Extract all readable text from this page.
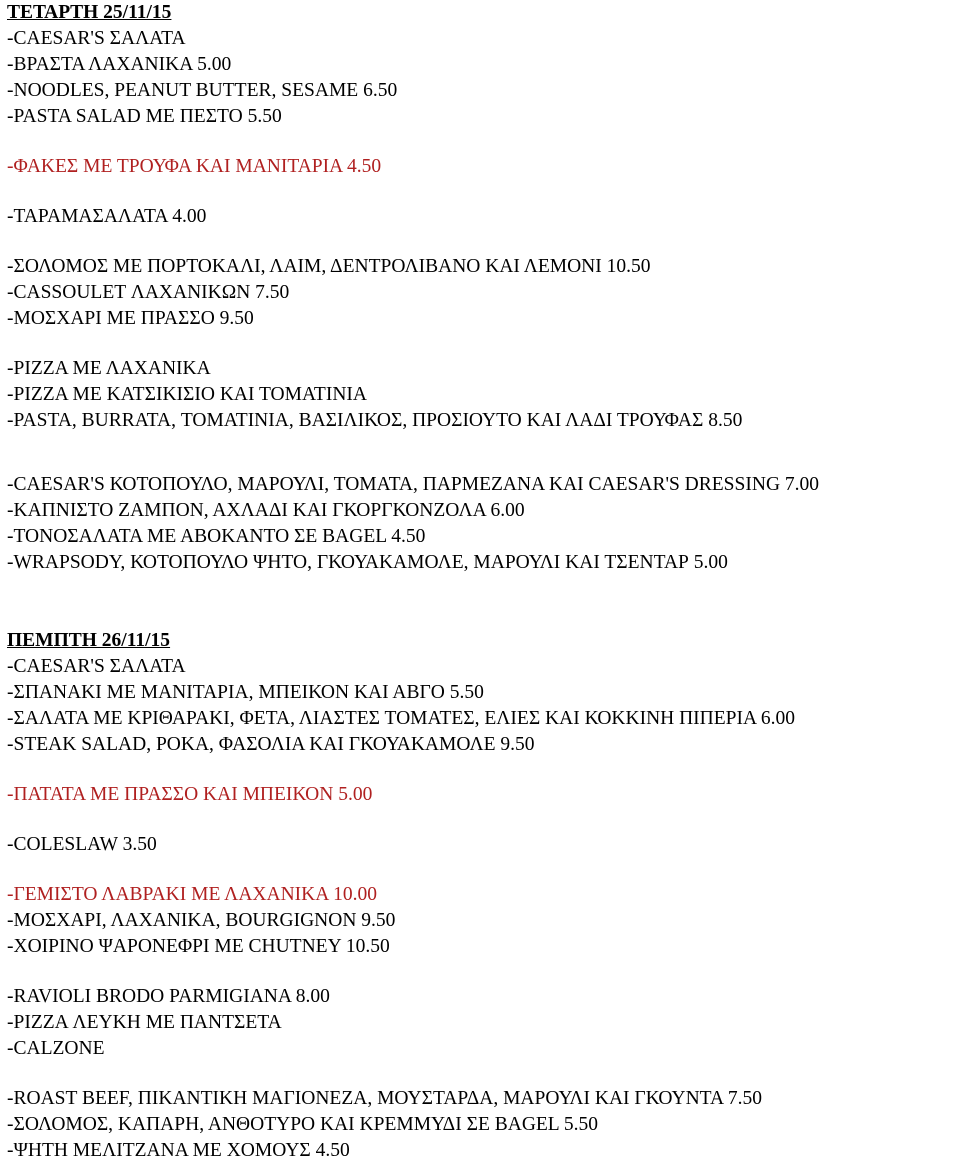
ΤΕΤΑΡΤΗ 25/11/15
-CAESAR'S ΣΑΛΑΤΑ
-ΒΡΑΣΤΑ ΛΑΧΑΝΙΚΑ 5.00
-NOODLES, PEANUT BUTTER, SESAME 6.50
-PASTA SALAD ΜΕ ΠΕΣΤΟ 5.50
-ΦΑΚΕΣ ΜΕ ΤΡΟΥΦΑ ΚΑΙ ΜΑΝΙΤΑΡΙΑ 4.50
-ΤΑΡΑΜΑΣΑΛΑΤΑ 4.00
-ΣΟΛΟΜΟΣ ΜΕ ΠΟΡΤΟΚΑΛΙ, ΛΑΙΜ, ΔΕΝΤΡΟΛΙΒΑΝΟ ΚΑΙ ΛΕΜΟΝΙ 10.50
-CASSOULET ΛΑΧΑΝΙΚΩΝ 7.50
-ΜΟΣΧΑΡΙ ΜΕ ΠΡΑΣΣΟ 9.50
-PIZZA ΜΕ ΛΑΧΑΝΙΚΑ
-PIZZA ΜΕ ΚΑΤΣΙΚΙΣΙΟ ΚΑΙ ΤΟΜΑΤΙΝΙΑ
-PASTA, BURRATA, ΤΟΜΑΤΙΝΙΑ, ΒΑΣΙΛΙΚΟΣ, ΠΡΟΣΙΟΥΤΟ ΚΑΙ ΛΑΔΙ ΤΡΟΥΦΑΣ 8.50
-CAESAR'S ΚΟΤΟΠΟΥΛΟ, ΜΑΡΟΥΛΙ, ΤΟΜΑΤΑ, ΠΑΡΜΕΖΑΝΑ ΚΑΙ CAESAR'S DRESSING 7.00
-ΚΑΠΝΙΣΤΟ ΖΑΜΠΟΝ, ΑΧΛΑΔΙ ΚΑΙ ΓΚΟΡΓΚΟΝΖΟΛΑ 6.00
-ΤΟΝΟΣΑΛΑΤΑ ΜΕ ΑΒΟΚΑΝΤΟ ΣΕ BAGEL 4.50
-WRAPSODY, ΚΟΤΟΠΟΥΛΟ ΨΗΤΟ, ΓΚΟΥΑΚΑΜΟΛΕ, ΜΑΡΟΥΛΙ ΚΑΙ ΤΣΕΝΤΑΡ 5.00
ΠΕΜΠΤΗ 26/11/15
-CAESAR'S ΣΑΛΑΤΑ
-ΣΠΑΝΑΚΙ ΜΕ ΜΑΝΙΤΑΡΙΑ, ΜΠΕΙΚΟΝ ΚΑΙ ΑΒΓΟ 5.50
-ΣΑΛΑΤΑ ΜΕ ΚΡΙΘΑΡΑΚΙ, ΦΕΤΑ, ΛΙΑΣΤΕΣ ΤΟΜΑΤΕΣ, ΕΛΙΕΣ ΚΑΙ ΚΟΚΚΙΝΗ ΠΙΠΕΡΙΑ 6.00
-STEAK SALAD, ΡΟΚΑ, ΦΑΣΟΛΙΑ ΚΑΙ ΓΚΟΥΑΚΑΜΟΛΕ 9.50
-ΠΑΤΑΤΑ ΜΕ ΠΡΑΣΣΟ ΚΑΙ ΜΠΕΙΚΟΝ 5.00
-COLESLAW 3.50
-ΓΕΜΙΣΤΟ ΛΑΒΡΑΚΙ ΜΕ ΛΑΧΑΝΙΚΑ 10.00
-ΜΟΣΧΑΡΙ, ΛΑΧΑΝΙΚΑ, BOURGIGNON 9.50
-ΧΟΙΡΙΝΟ ΨΑΡΟΝΕΦΡΙ ΜΕ CHUTNEY 10.50
-RAVIOLI BRODO PARMIGIANA 8.00
-PIZZA ΛΕΥΚΗ ΜΕ ΠΑΝΤΣΕΤΑ
-CALZONE
-ROAST BEEF, ΠΙΚΑΝΤΙΚΗ ΜΑΓΙΟΝΕΖΑ, ΜΟΥΣΤΑΡΔΑ, ΜΑΡΟΥΛΙ ΚΑΙ ΓΚΟΥΝΤΑ 7.50
-ΣΟΛΟΜΟΣ, ΚΑΠΑΡΗ, ΑΝΘΟΤΥΡΟ ΚΑΙ ΚΡΕΜΜΥΔΙ ΣΕ BAGEL 5.50
-ΨΗΤΗ ΜΕΛΙΤΖΑΝΑ ΜΕ ΧΟΜΟΥΣ 4.50
